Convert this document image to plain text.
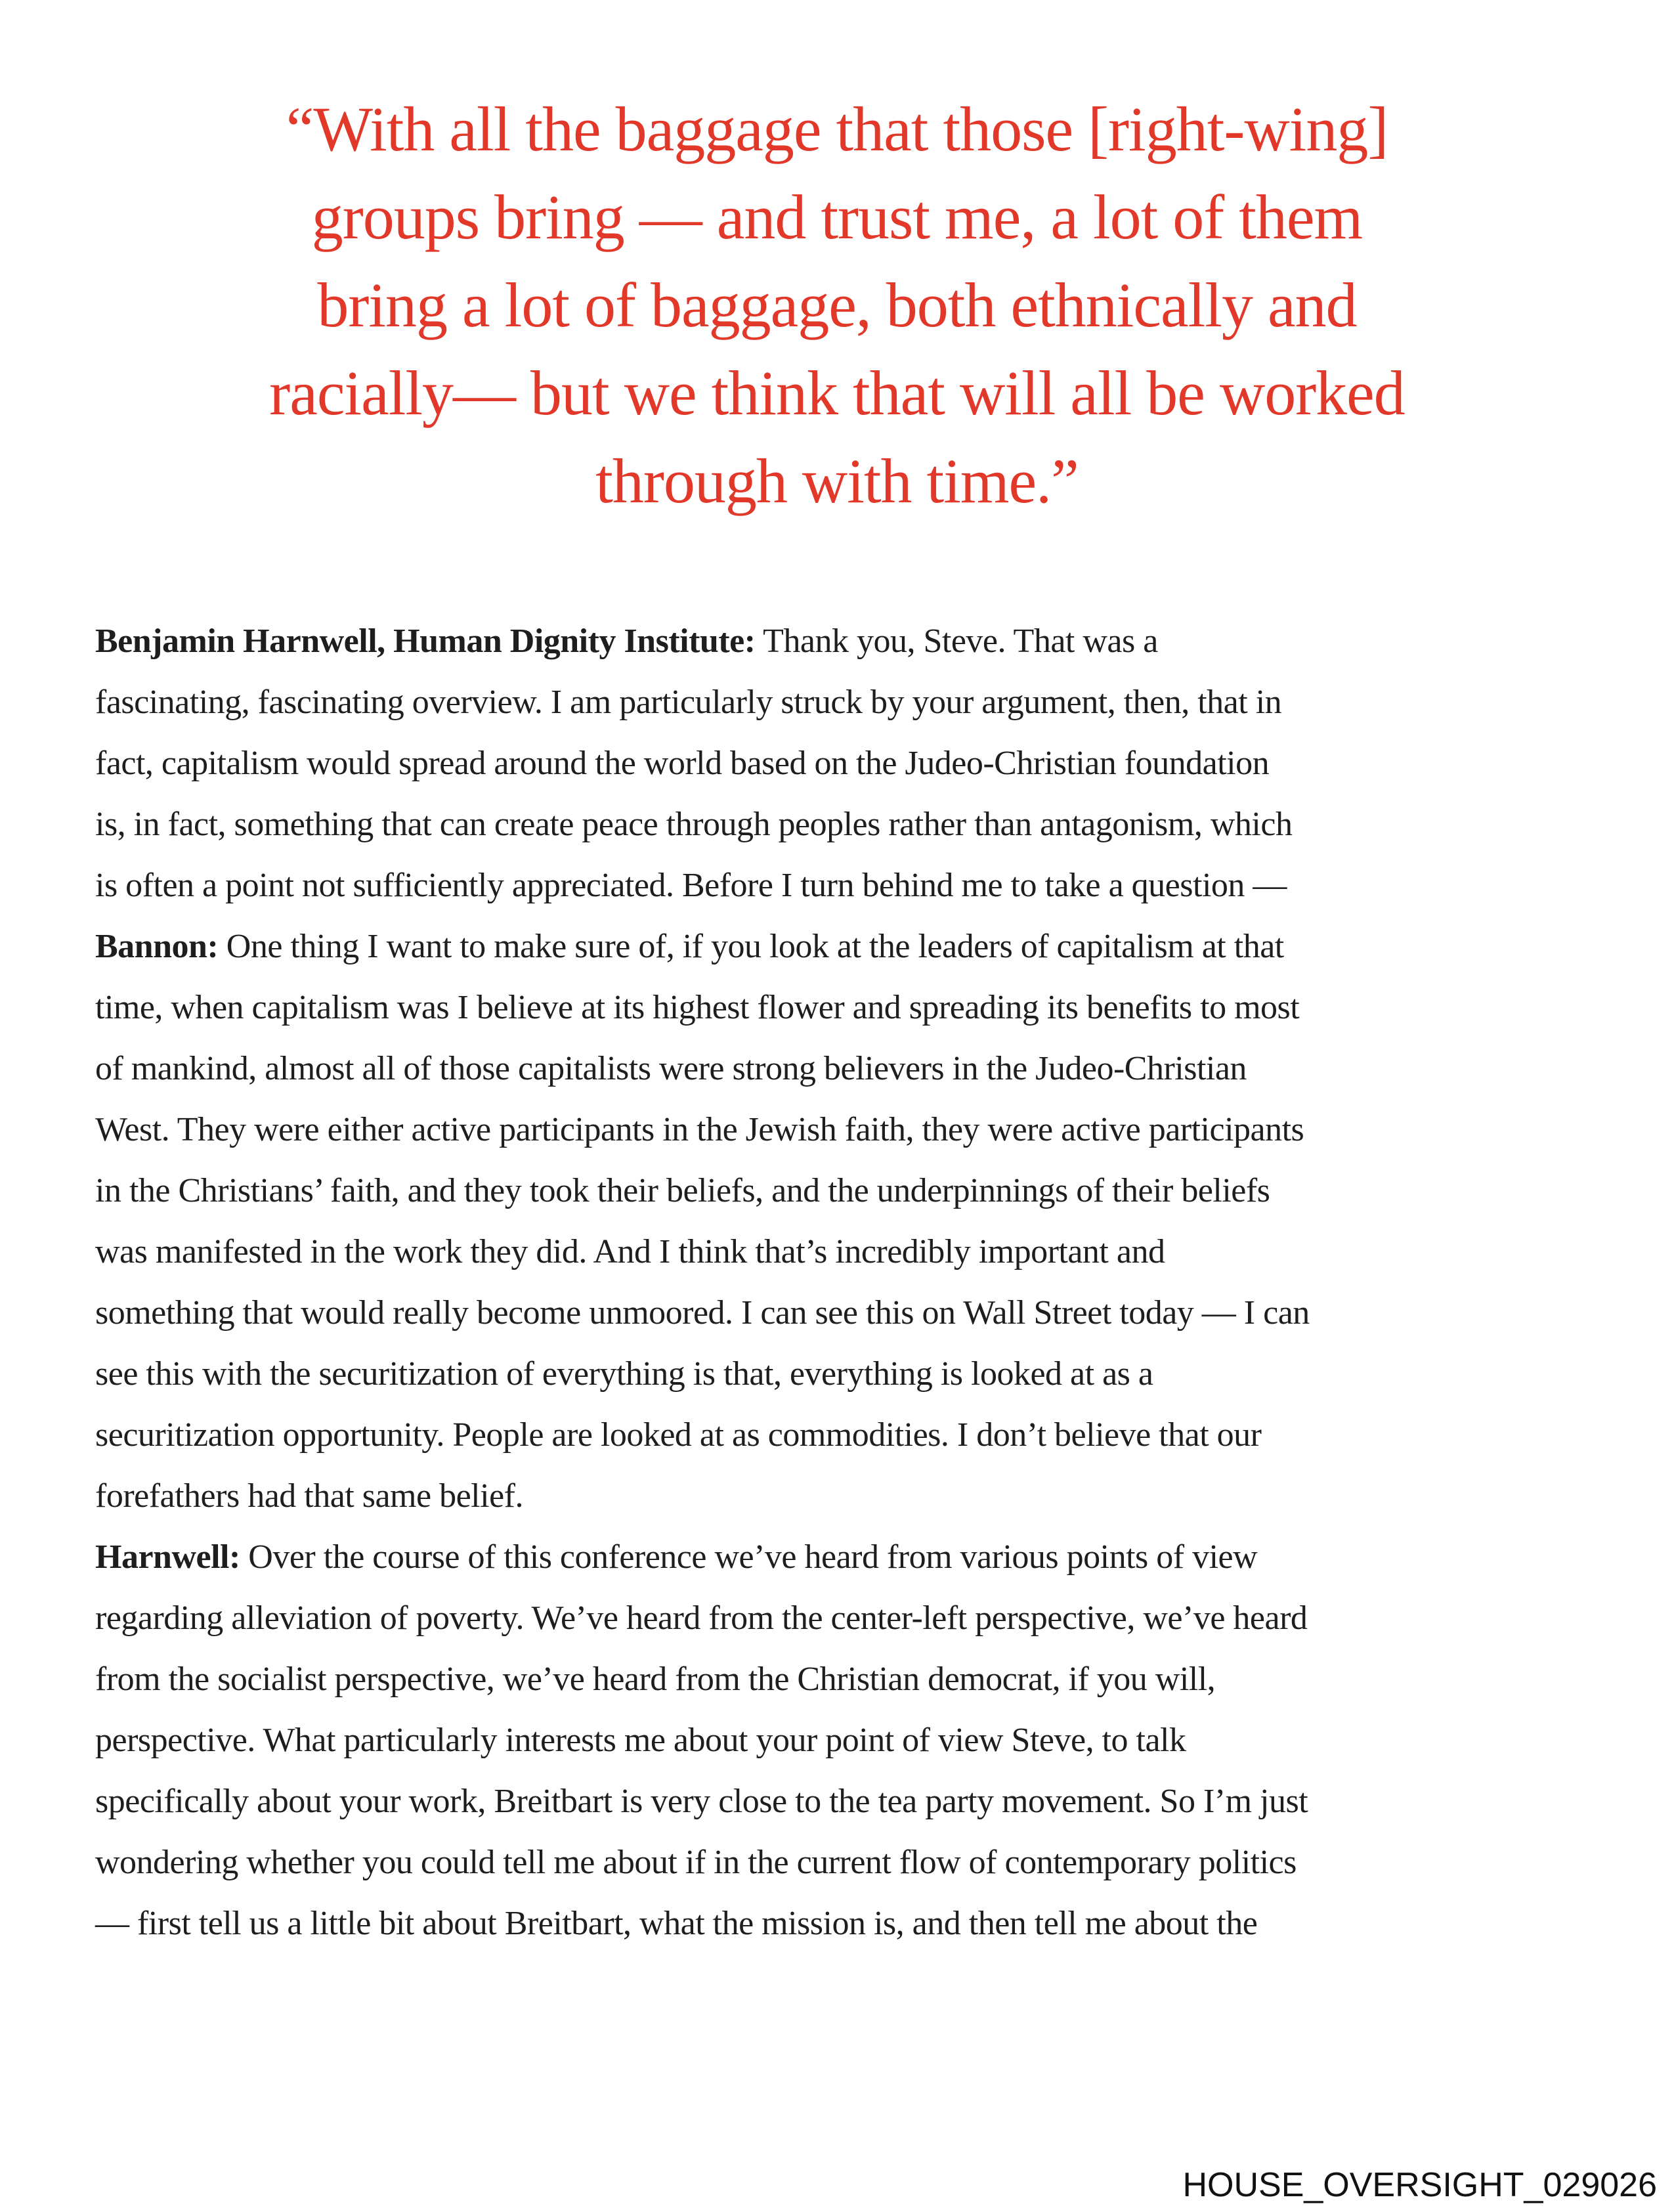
“With all the baggage that those [right-wing]
groups bring — and trust me, a lot of them
bring a lot of baggage, both ethnically and
racially— but we think that will all be worked
through with time.”
Benjamin Harnwell, Human Dignity Institute: Thank you, Steve. That was a
fascinating, fascinating overview. I am particularly struck by your argument, then, that in
fact, capitalism would spread around the world based on the Judeo-Christian foundation
is, in fact, something that can create peace through peoples rather than antagonism, which
is often a point not sufficiently appreciated. Before I turn behind me to take a question —
Bannon: One thing I want to make sure of, if you look at the leaders of capitalism at that
time, when capitalism was I believe at its highest flower and spreading its benefits to most
of mankind, almost all of those capitalists were strong believers in the Judeo-Christian
West. They were either active participants in the Jewish faith, they were active participants
in the Christians’ faith, and they took their beliefs, and the underpinnings of their beliefs
was manifested in the work they did. And I think that’s incredibly important and
something that would really become unmoored. I can see this on Wall Street today — I can
see this with the securitization of everything is that, everything is looked at as a
securitization opportunity. People are looked at as commodities. I don’t believe that our
forefathers had that same belief.
Harnwell: Over the course of this conference we’ve heard from various points of view
regarding alleviation of poverty. We’ve heard from the center-left perspective, we’ve heard
from the socialist perspective, we’ve heard from the Christian democrat, if you will,
perspective. What particularly interests me about your point of view Steve, to talk
specifically about your work, Breitbart is very close to the tea party movement. So I’m just
wondering whether you could tell me about if in the current flow of contemporary politics
— first tell us a little bit about Breitbart, what the mission is, and then tell me about the
HOUSE_OVERSIGHT_029026
